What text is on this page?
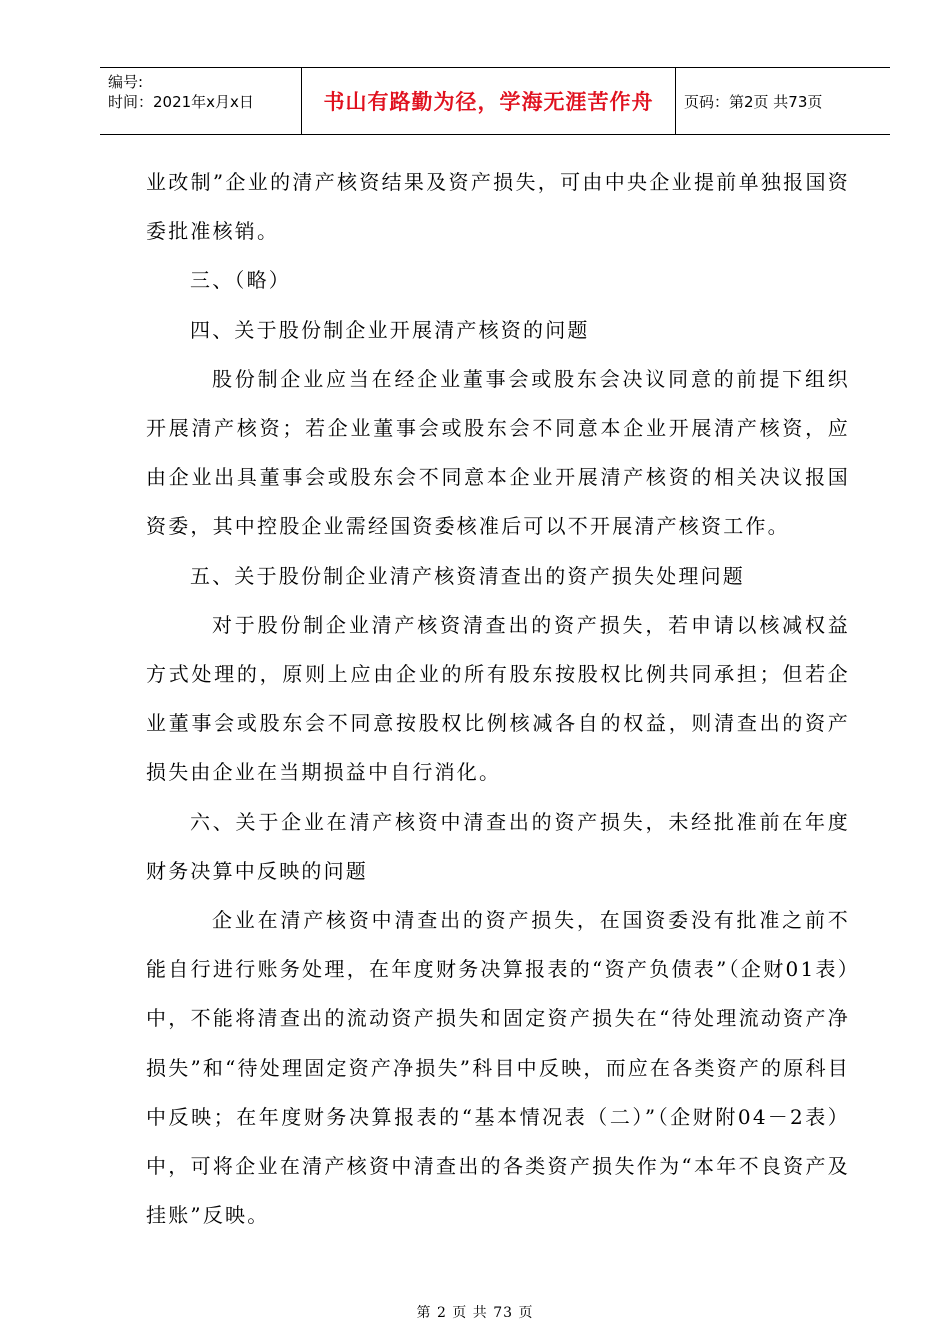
编号:
时间：2021年x月x日	书山有路勤为径，学海无涯苦作舟	页码：第2页 共73页

业改制”企业的清产核资结果及资产损失，可由中央企业提前单独报国资委批准核销。

三、（略）

四、关于股份制企业开展清产核资的问题

股份制企业应当在经企业董事会或股东会决议同意的前提下组织开展清产核资；若企业董事会或股东会不同意本企业开展清产核资，应由企业出具董事会或股东会不同意本企业开展清产核资的相关决议报国资委，其中控股企业需经国资委核准后可以不开展清产核资工作。

五、关于股份制企业清产核资清查出的资产损失处理问题

对于股份制企业清产核资清查出的资产损失，若申请以核减权益方式处理的，原则上应由企业的所有股东按股权比例共同承担；但若企业董事会或股东会不同意按股权比例核减各自的权益，则清查出的资产损失由企业在当期损益中自行消化。

六、关于企业在清产核资中清查出的资产损失，未经批准前在年度财务决算中反映的问题

企业在清产核资中清查出的资产损失，在国资委没有批准之前不能自行进行账务处理，在年度财务决算报表的“资产负债表”（企财01表）中，不能将清查出的流动资产损失和固定资产损失在“待处理流动资产净损失”和“待处理固定资产净损失”科目中反映，而应在各类资产的原科目中反映；在年度财务决算报表的“基本情况表（二）”（企财附04－2表）中，可将企业在清产核资中清查出的各类资产损失作为“本年不良资产及挂账”反映。

第 2 页 共 73 页
